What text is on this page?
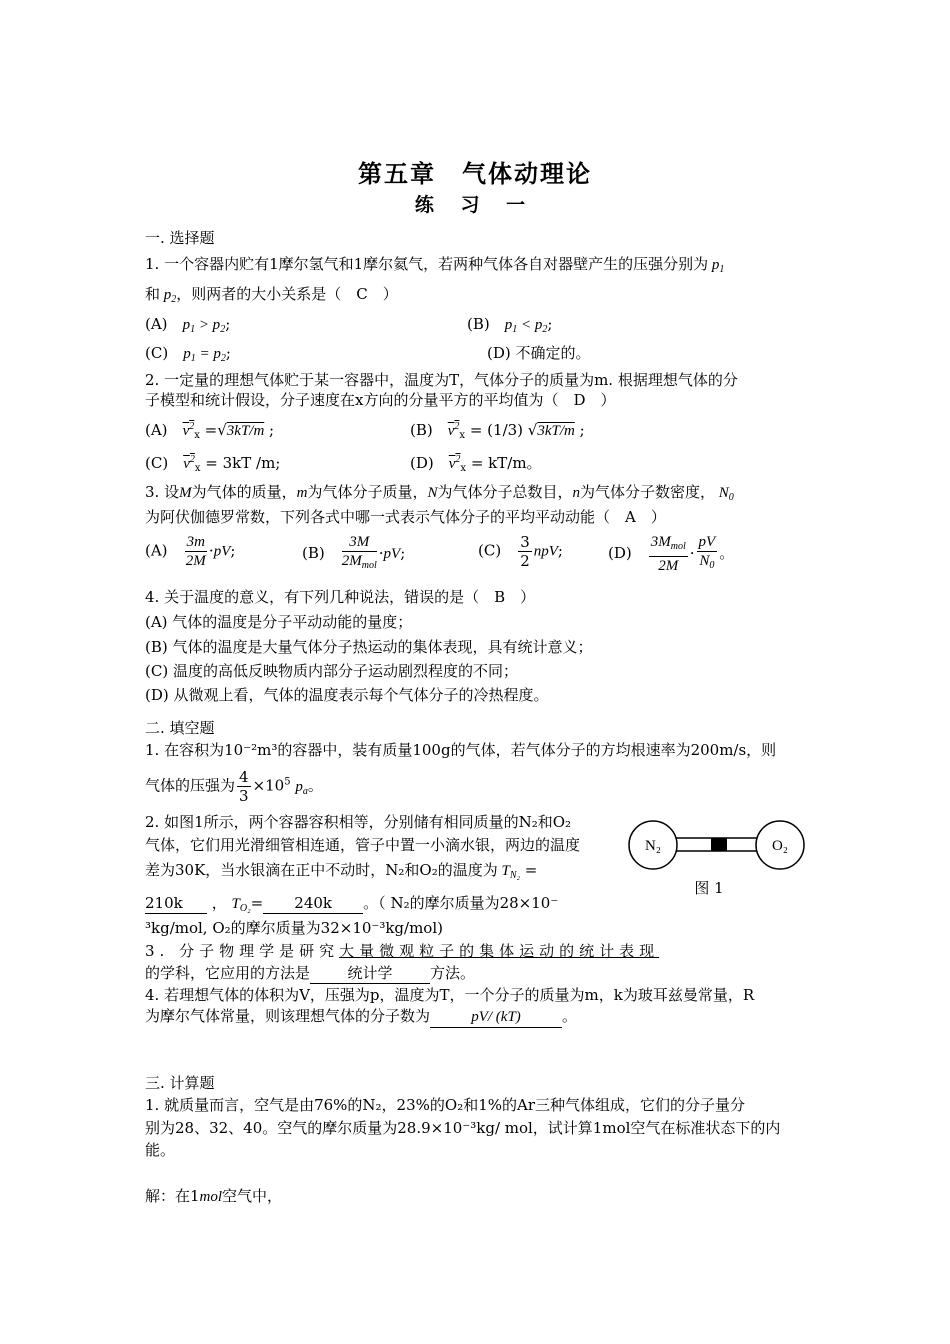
第五章　气体动理论
练 习 一
一. 选择题
1. 一个容器内贮有1摩尔氢气和1摩尔氦气，若两种气体各自对器壁产生的压强分别为 $p_1$
和 $p_2$，则两者的大小关系是（　C　）
(A)　 $p_1 > p_2$;	(B)　 $p_1 < p_2$;
(C)　 $p_1 = p_2$;	(D) 不确定的。
2. 一定量的理想气体贮于某一容器中，温度为T，气体分子的质量为m. 根据理想气体的分
子模型和统计假设，分子速度在x方向的分量平方的平均值为（　D　）
(A)　 $v^2_x =√3kT/m$ ;	(B)　 $v^2_x = (1/3)$ √3kT/m ;
(C)　 $v^2_x = 3kT$ /m;	(D)　 $v^2_x = kT/m$。
3. 设M为气体的质量，m为气体分子质量，N为气体分子总数目，n为气体分子数密度， $N_0$
为阿伏伽德罗常数，下列各式中哪一式表示气体分子的平均平动动能（　A　）
(A)　 $\frac{3m}{2M} \cdot pV$;	(B)　 $\frac{3M}{2M_{mol}} \cdot pV$;	(C)　 $\frac{3}{2}$ npV;	(D)　 $\frac{3M_{mol}}{2M} \cdot \frac{pV}{N_0}$ 。
4. 关于温度的意义，有下列几种说法，错误的是（　B　）
(A) 气体的温度是分子平动动能的量度；
(B) 气体的温度是大量气体分子热运动的集体表现，具有统计意义；
(C) 温度的高低反映物质内部分子运动剧烈程度的不同；
(D) 从微观上看，气体的温度表示每个气体分子的冷热程度。
二. 填空题
1. 在容积为10⁻²m³的容器中，装有质量100g的气体，若气体分子的方均根速率为200m/s，则
气体的压强为 $\frac{4}{3} \times 10^5$ $p_a$。
2. 如图1所示，两个容器容积相等，分别储有相同质量的N₂和O₂
气体，它们用光滑细管相连通，管子中置一小滴水银，两边的温度
差为30K，当水银滴在正中不动时，N₂和O₂的温度为 $T_{N_2}$ =
210k ， $T_{O_2}= 240k$ 。（ N₂的摩尔质量为28×10⁻
³kg/mol, O₂的摩尔质量为32×10⁻³kg/mol)
N₂	O₂
图 1
3. 分子物理学是研究大量微观粒子的集体运动的统计表现
的学科，它应用的方法是 统计学	方法。
4. 若理想气体的体积为V，压强为p，温度为T，一个分子的质量为m，k为玻耳兹曼常量，R
为摩尔气体常量，则该理想气体的分子数为	pV/ (kT)	。
三. 计算题
1. 就质量而言，空气是由76%的N₂，23%的O₂和1%的Ar三种气体组成，它们的分子量分
别为28、32、40。空气的摩尔质量为28.9×10⁻³kg/ mol，试计算1mol空气在标准状态下的内
能。
解：在1mol空气中，
